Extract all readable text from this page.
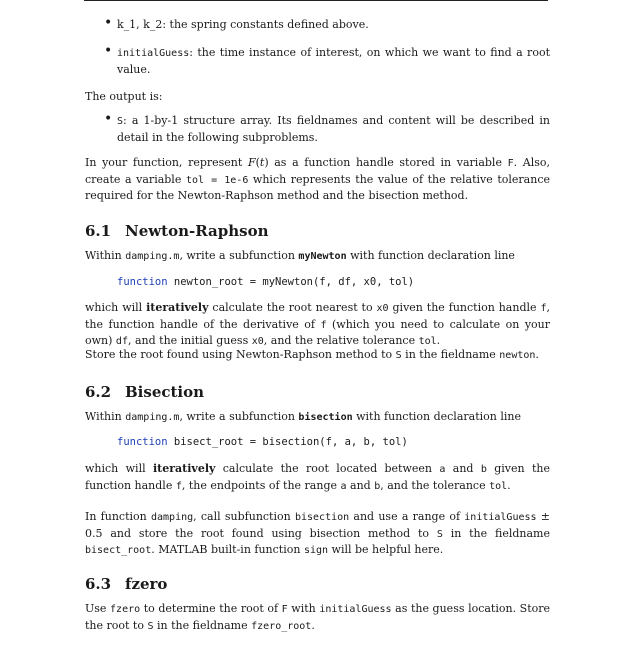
• k_1, k_2: the spring constants defined above.
• initialGuess: the time instance of interest, on which we want to find a root value.
The output is:
• S: a 1-by-1 structure array. Its fieldnames and content will be described in detail in the following subproblems.
In your function, represent F(t) as a function handle stored in variable F. Also, create a variable tol = 1e-6 which represents the value of the relative tolerance required for the Newton-Raphson method and the bisection method.
6.1 Newton-Raphson
Within damping.m, write a subfunction myNewton with function declaration line
function newton_root = myNewton(f, df, x0, tol)
which will iteratively calculate the root nearest to x0 given the function handle f, the function handle of the derivative of f (which you need to calculate on your own) df, and the initial guess x0, and the relative tolerance tol.
Store the root found using Newton-Raphson method to S in the fieldname newton.
6.2 Bisection
Within damping.m, write a subfunction bisection with function declaration line
function bisect_root = bisection(f, a, b, tol)
which will iteratively calculate the root located between a and b given the function handle f, the endpoints of the range a and b, and the tolerance tol.
In function damping, call subfunction bisection and use a range of initialGuess ± 0.5 and store the root found using bisection method to S in the fieldname bisect_root. MATLAB built-in function sign will be helpful here.
6.3 fzero
Use fzero to determine the root of F with initialGuess as the guess location. Store the root to S in the fieldname fzero_root.
